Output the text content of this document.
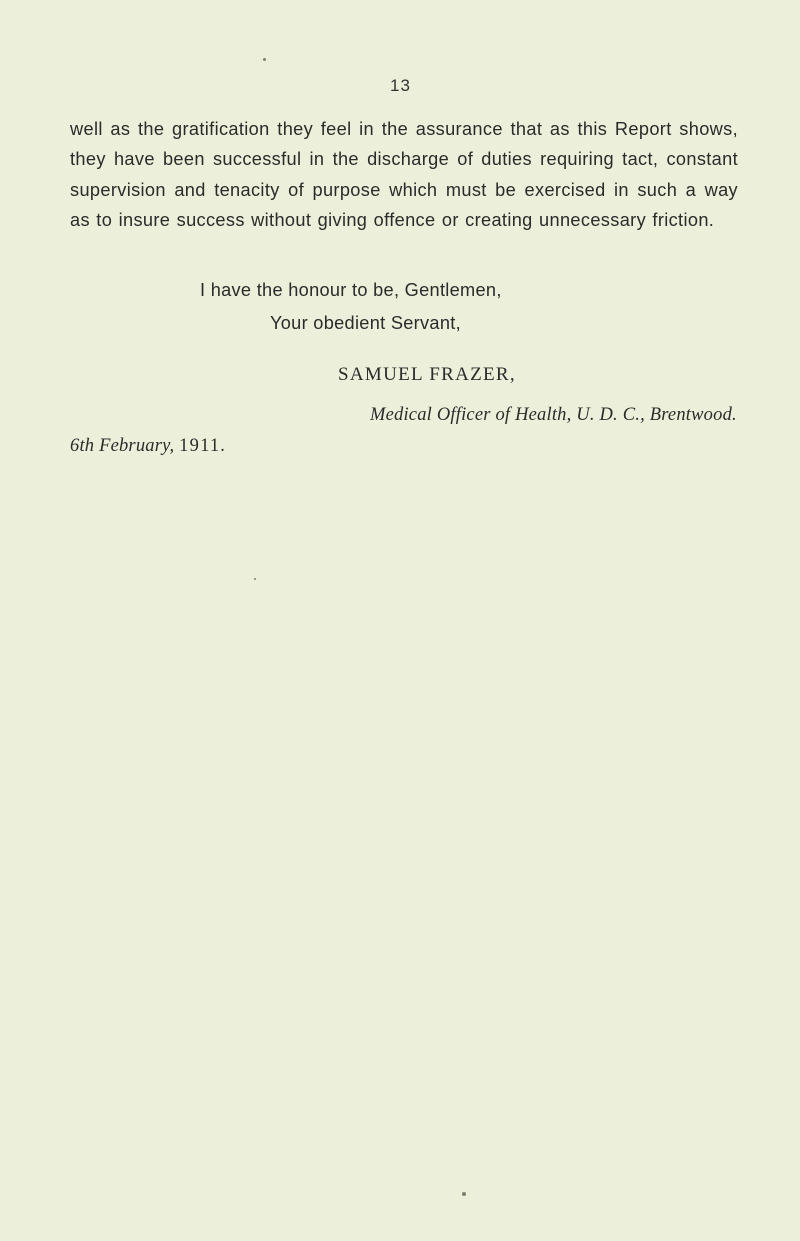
13

well as the gratification they feel in the assurance that as this Report shows, they have been successful in the discharge of duties requiring tact, constant supervision and tenacity of purpose which must be exercised in such a way as to insure success without giving offence or creating unnecessary friction.

I have the honour to be, Gentlemen,

Your obedient Servant,

SAMUEL FRAZER,

Medical Officer of Health, U. D. C., Brentwood.

6th February, 1911.
